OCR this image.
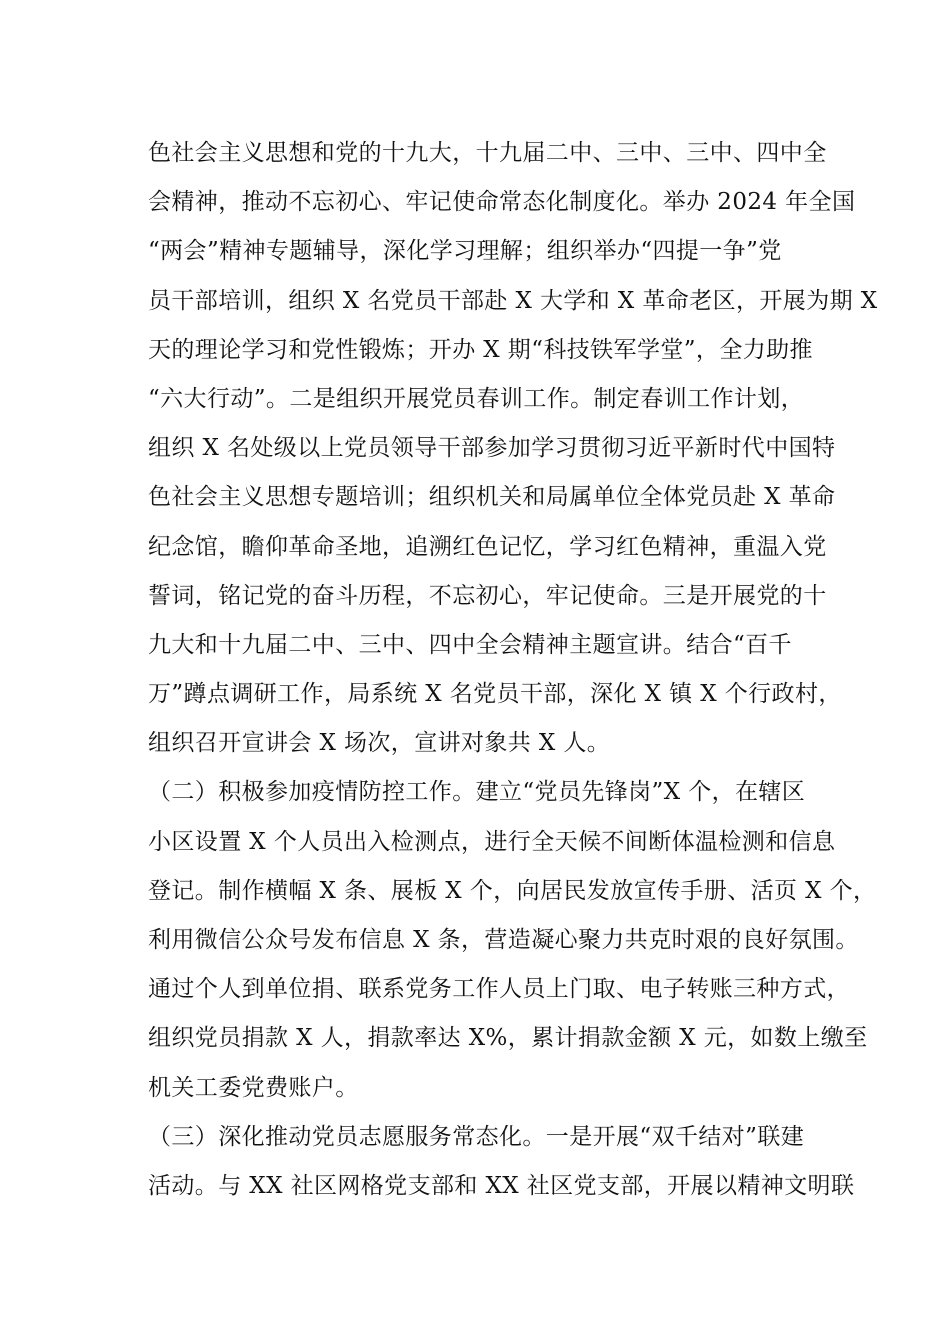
色社会主义思想和党的十九大，十九届二中、三中、三中、四中全
会精神，推动不忘初心、牢记使命常态化制度化。举办 2024 年全国
“两会”精神专题辅导，深化学习理解；组织举办“四提一争”党
员干部培训，组织 X 名党员干部赴 X 大学和 X 革命老区，开展为期 X
天的理论学习和党性锻炼；开办 X 期“科技铁军学堂”，全力助推
“六大行动”。二是组织开展党员春训工作。制定春训工作计划，
组织 X 名处级以上党员领导干部参加学习贯彻习近平新时代中国特
色社会主义思想专题培训；组织机关和局属单位全体党员赴 X 革命
纪念馆，瞻仰革命圣地，追溯红色记忆，学习红色精神，重温入党
誓词，铭记党的奋斗历程，不忘初心，牢记使命。三是开展党的十
九大和十九届二中、三中、四中全会精神主题宣讲。结合“百千
万”蹲点调研工作，局系统 X 名党员干部，深化 X 镇 X 个行政村，
组织召开宣讲会 X 场次，宣讲对象共 X 人。
（二）积极参加疫情防控工作。建立“党员先锋岗”X 个，在辖区
小区设置 X 个人员出入检测点，进行全天候不间断体温检测和信息
登记。制作横幅 X 条、展板 X 个，向居民发放宣传手册、活页 X 个，
利用微信公众号发布信息 X 条，营造凝心聚力共克时艰的良好氛围。
通过个人到单位捐、联系党务工作人员上门取、电子转账三种方式，
组织党员捐款 X 人，捐款率达 X%，累计捐款金额 X 元，如数上缴至
机关工委党费账户。
（三）深化推动党员志愿服务常态化。一是开展“双千结对”联建
活动。与 XX 社区网格党支部和 XX 社区党支部，开展以精神文明联
